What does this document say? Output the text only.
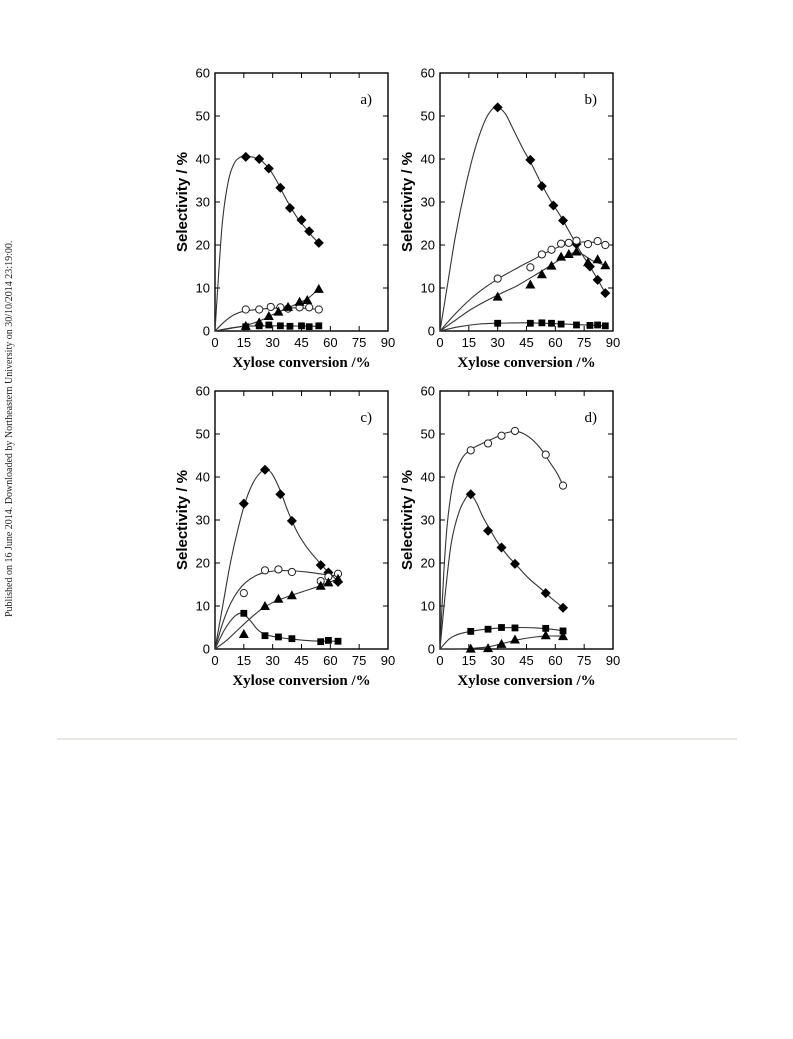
Published on 16 June 2014. Downloaded by Northeastern University on 30/10/2014 23:19:00.	0 15 30 45 60 75 90
0
10
20
30
40
50
60
Xylose conversion /%
Selectivity / %
a)
0 15 30 45 60 75 90
0
10
20
30
40
50
60
Xylose conversion /%
Selectivity / %
b)
0 15 30 45 60 75 90
0
10
20
30
40
50
60
Xylose conversion /%
Selectivity / %
c)
0 15 30 45 60 75 90
0
10
20
30
40
50
60
Xylose conversion /%
Selectivity / %
d)
